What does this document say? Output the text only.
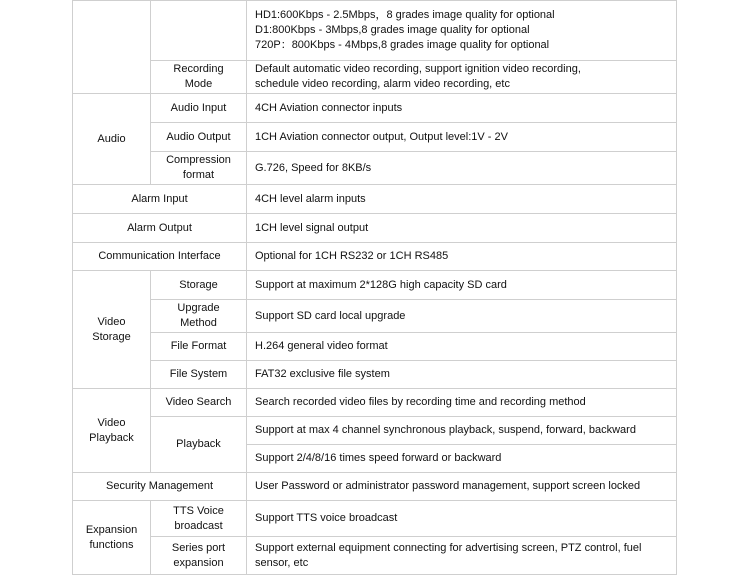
		HD1:600Kbps - 2.5Mbps，8 grades image quality for optional
D1:800Kbps - 3Mbps,8 grades image quality for optional
720P：800Kbps - 4Mbps,8 grades image quality for optional

	Recording Mode	Default automatic video recording, support ignition video recording,
schedule video recording, alarm video recording, etc

Audio	Audio Input	4CH Aviation connector inputs
	Audio Output	1CH Aviation connector output, Output level:1V - 2V

	Compression
format	G.726, Speed for 8KB/s
Alarm Input		4CH level alarm inputs
Alarm Output		1CH level signal output
Communication Interface		Optional for 1CH RS232 or 1CH RS485
Video Storage	Storage	Support at maximum 2*128G high capacity SD card

	Upgrade
Method	Support SD card local upgrade
	File Format	H.264 general video format
	File System	FAT32 exclusive file system

Video
Playback	Video Search	Search recorded video files by recording time and recording method
	Playback	Support at max 4 channel synchronous playback, suspend, forward, backward
		Support 2/4/8/16 times speed forward or backward
Security Management		User Password or administrator password management, support screen locked

Expansion
functions	TTS Voice
broadcast	Support TTS voice broadcast

	Series port
expansion	Support external equipment connecting for advertising screen, PTZ control, fuel
sensor, etc
